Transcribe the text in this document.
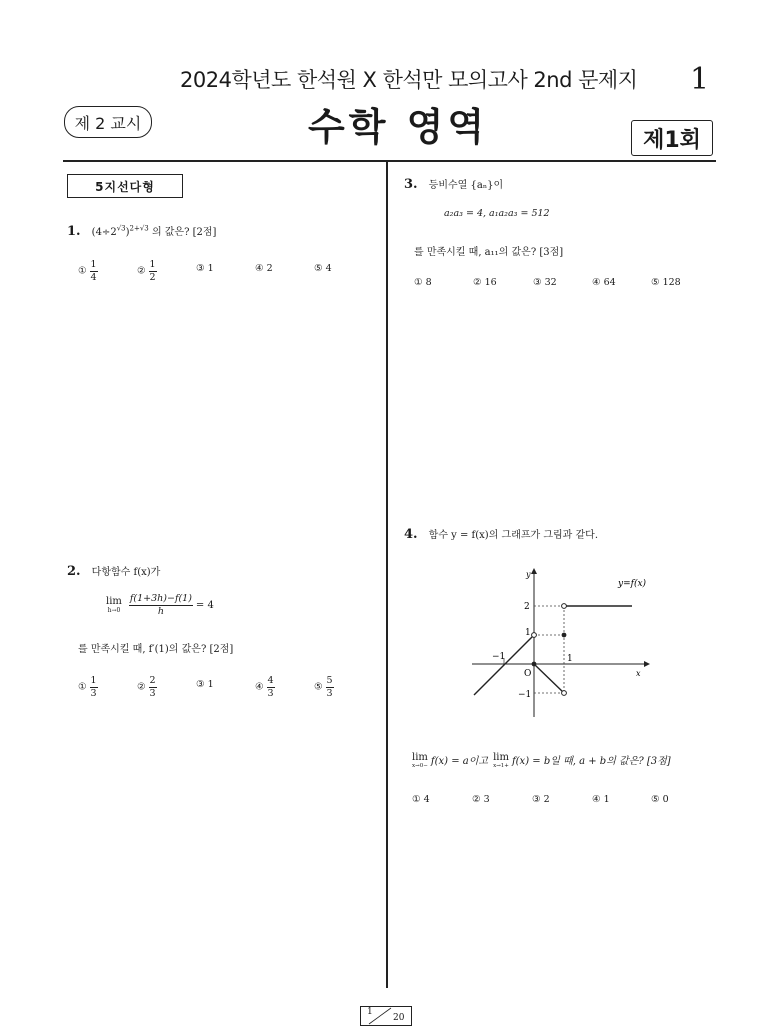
2024학년도 한석원 X 한석만 모의고사 2nd 문제지 1
제 2 교시	수학 영역	제1회
5지선다형
1. $(4\div 2^{√3})^{2+√3}$ 의 값은? [2점]
① $\frac{1}{4}$	② $\frac{1}{2}$	③ 1	④ 2	⑤ 4
2. 다항함수 f(x)가
lim
$h\to 0 \frac{f(1+3h)-f(1)}{h} = 4$
를 만족시킬 때, f′(1)의 값은? [2점]
① $\frac{1}{3}$	② $\frac{2}{3}$	③ 1	④ $\frac{4}{3}$	⑤ $\frac{5}{3}$
3. 등비수열 {aₙ}이
a₂a₃ = 4, a₁a₂a₃ = 512
를 만족시킬 때, a₁₁의 값은? [3점]
① 8	② 16	③ 32	④ 64	⑤ 128
4. 함수 y = f(x)의 그래프가 그림과 같다.
y=f(x)
y
x
O
2
1
−1
−1	1
lim
x→0− f(x) = a이고 lim
x→1+ f(x) = b일 때, a + b의 값은? [3점]
① 4	② 3	③ 2	④ 1	⑤ 0
1
20
